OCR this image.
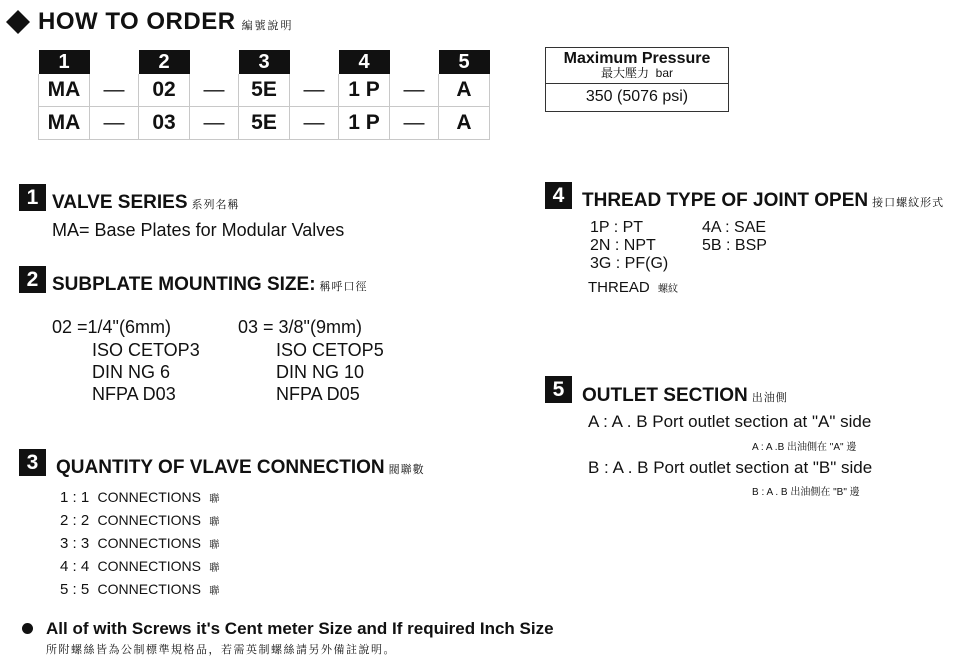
HOW TO ORDER 編號說明
1		2		3		4		5
MA	—	02	—	5E	—	1 P	—	A
MA	—	03	—	5E	—	1 P	—	A
Maximum Pressure
最大壓力 bar
350 (5076 psi)
1 VALVE SERIES 系列名稱
MA= Base Plates for Modular Valves
2 SUBPLATE MOUNTING SIZE: 稱呼口徑
02 =1/4"(6mm)
ISO CETOP3
DIN NG 6
NFPA D03
03 = 3/8"(9mm)
ISO CETOP5
DIN NG 10
NFPA D05
3 QUANTITY OF VLAVE CONNECTION 閥聯數
1 : 1 CONNECTIONS 聯
2 : 2 CONNECTIONS 聯
3 : 3 CONNECTIONS 聯
4 : 4 CONNECTIONS 聯
5 : 5 CONNECTIONS 聯
4 THREAD TYPE OF JOINT OPEN 接口螺紋形式
1P : PT
2N : NPT
3G : PF(G)
4A : SAE
5B : BSP
THREAD 螺紋
5 OUTLET SECTION 出油側
A : A . B Port outlet section at "A" side
A : A .B 出油側在 "A" 邊
B : A . B Port outlet section at "B" side
B : A . B 出油側在 "B" 邊
All of with Screws it's Cent meter Size and If required Inch Size
所附螺絲皆為公制標準規格品，若需英制螺絲請另外備註說明。
